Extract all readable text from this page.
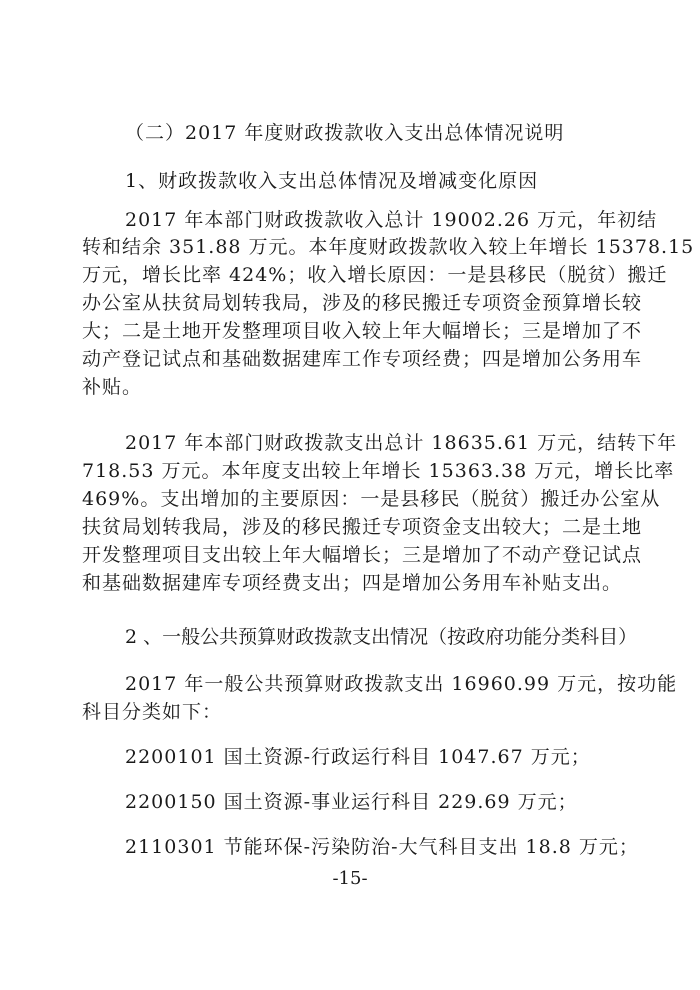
（二）2017 年度财政拨款收入支出总体情况说明

1、财政拨款收入支出总体情况及增减变化原因

2017 年本部门财政拨款收入总计 19002.26 万元，年初结

转和结余 351.88 万元。本年度财政拨款收入较上年增长 15378.15

万元，增长比率 424%；收入增长原因：一是县移民（脱贫）搬迁

办公室从扶贫局划转我局，涉及的移民搬迁专项资金预算增长较

大；二是土地开发整理项目收入较上年大幅增长；三是增加了不

动产登记试点和基础数据建库工作专项经费；四是增加公务用车

补贴。

2017 年本部门财政拨款支出总计 18635.61 万元，结转下年

718.53 万元。本年度支出较上年增长 15363.38 万元，增长比率

469%。支出增加的主要原因：一是县移民（脱贫）搬迁办公室从

扶贫局划转我局，涉及的移民搬迁专项资金支出较大；二是土地

开发整理项目支出较上年大幅增长；三是增加了不动产登记试点

和基础数据建库专项经费支出；四是增加公务用车补贴支出。

2 、一般公共预算财政拨款支出情况（按政府功能分类科目）

2017 年一般公共预算财政拨款支出 16960.99 万元，按功能

科目分类如下：

2200101 国土资源-行政运行科目 1047.67 万元；

2200150 国土资源-事业运行科目 229.69 万元；

2110301 节能环保-污染防治-大气科目支出 18.8 万元；

-15-
